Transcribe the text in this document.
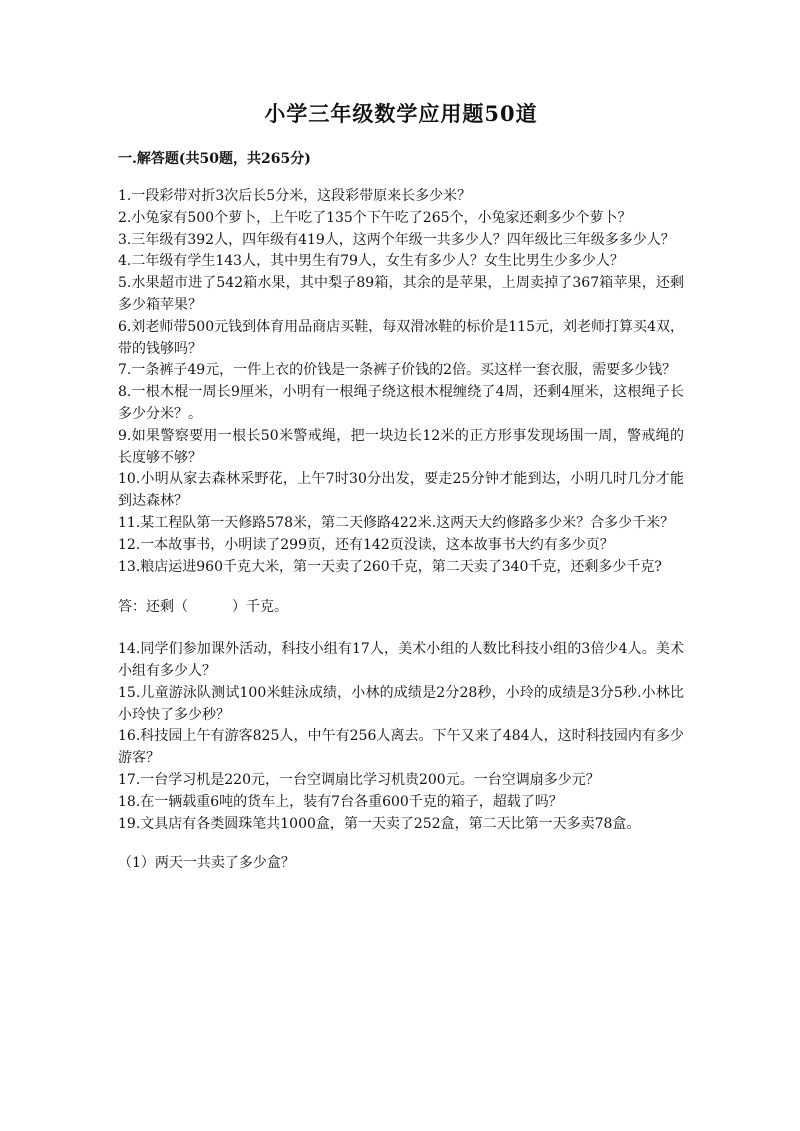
小学三年级数学应用题50道
一.解答题(共50题，共265分)

1.一段彩带对折3次后长5分米，这段彩带原来长多少米？

2.小兔家有500个萝卜，上午吃了135个下午吃了265个，小兔家还剩多少个萝卜？

3.三年级有392人，四年级有419人，这两个年级一共多少人？四年级比三年级多多少人？

4.二年级有学生143人，其中男生有79人，女生有多少人？女生比男生少多少人？

5.水果超市进了542箱水果，其中梨子89箱，其余的是苹果，上周卖掉了367箱苹果，还剩多少箱苹果？

6.刘老师带500元钱到体育用品商店买鞋，每双滑冰鞋的标价是115元，刘老师打算买4双，带的钱够吗？

7.一条裤子49元，一件上衣的价钱是一条裤子价钱的2倍。买这样一套衣服，需要多少钱？

8.一根木棍一周长9厘米，小明有一根绳子绕这根木棍缠绕了4周，还剩4厘米，这根绳子长多少分米？。

9.如果警察要用一根长50米警戒绳，把一块边长12米的正方形事发现场围一周，警戒绳的长度够不够？

10.小明从家去森林采野花，上午7时30分出发，要走25分钟才能到达，小明几时几分才能到达森林？

11.某工程队第一天修路578米，第二天修路422米.这两天大约修路多少米？合多少千米？

12.一本故事书，小明读了299页，还有142页没读，这本故事书大约有多少页？

13.粮店运进960千克大米，第一天卖了260千克，第二天卖了340千克，还剩多少千克?

答：还剩（	）千克。

14.同学们参加课外活动，科技小组有17人，美术小组的人数比科技小组的3倍少4人。美术小组有多少人？

15.儿童游泳队测试100米蛙泳成绩，小林的成绩是2分28秒，小玲的成绩是3分5秒.小林比小玲快了多少秒？

16.科技园上午有游客825人，中午有256人离去。下午又来了484人，这时科技园内有多少游客？

17.一台学习机是220元，一台空调扇比学习机贵200元。一台空调扇多少元？

18.在一辆载重6吨的货车上，装有7台各重600千克的箱子，超载了吗？

19.文具店有各类圆珠笔共1000盒，第一天卖了252盒，第二天比第一天多卖78盒。

（1）两天一共卖了多少盒？
